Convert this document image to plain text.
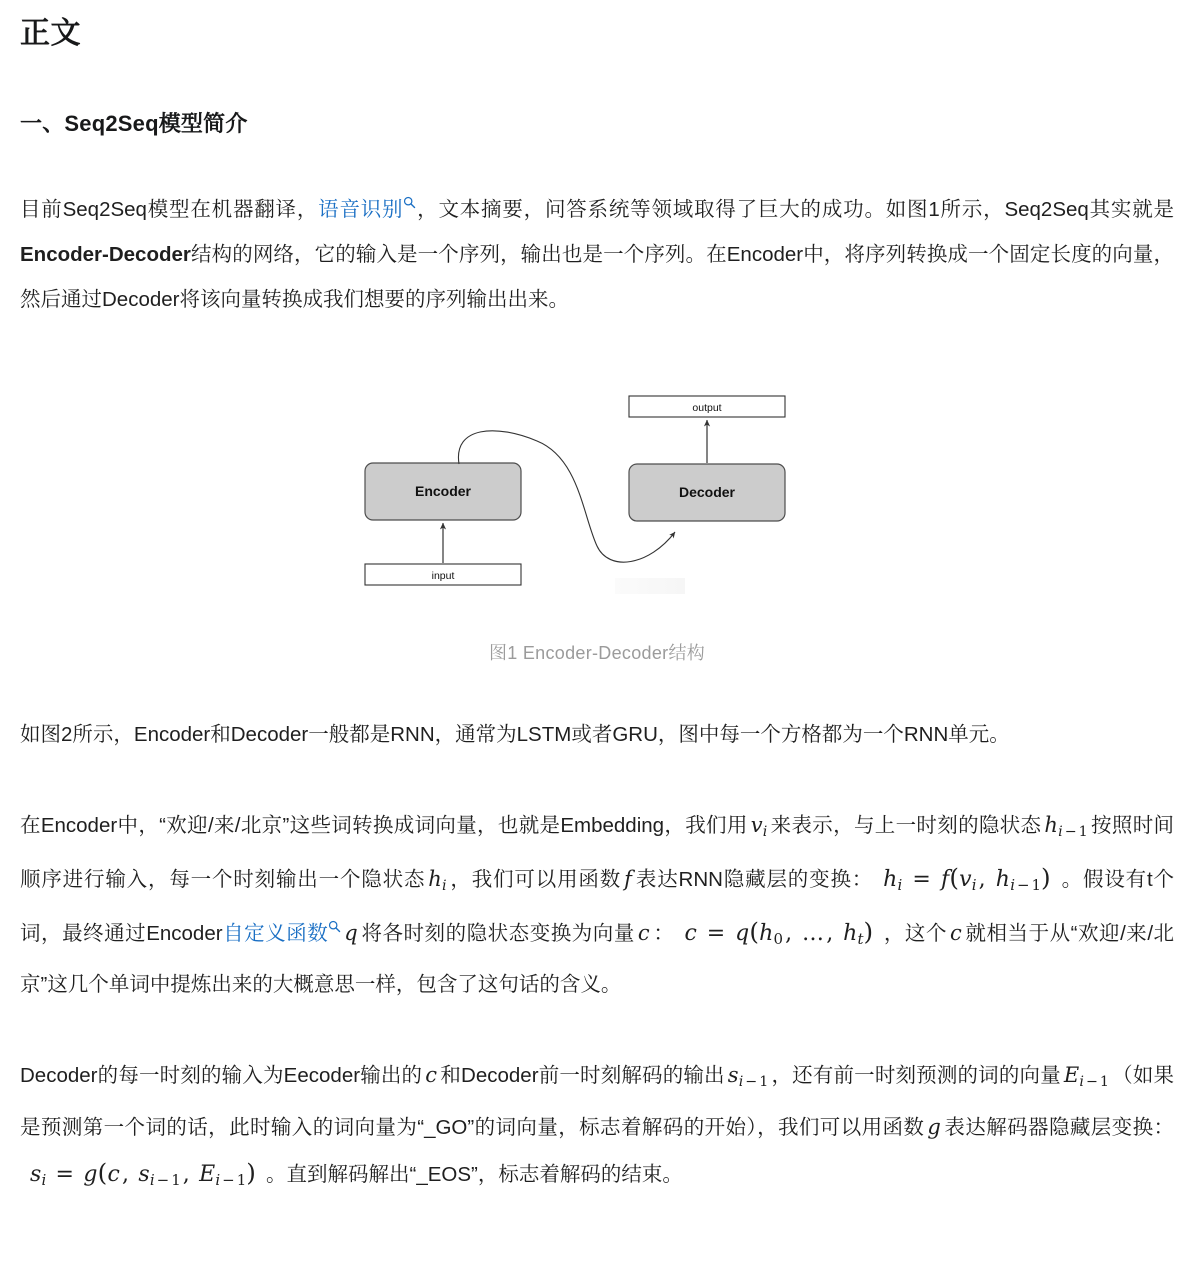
正文
一、Seq2Seq模型简介

目前Seq2Seq模型在机器翻译，语音识别 ，文本摘要，问答系统等领域取得了巨大的成功。如图1所示，Seq2Seq其实就是Encoder-Decoder结构的网络，它的输入是一个序列，输出也是一个序列。在Encoder中，将序列转换成一个固定长度的向量，然后通过Decoder将该向量转换成我们想要的序列输出出来。

input
Encoder	Decoder
output
图1 Encoder-Decoder结构

如图2所示，Encoder和Decoder一般都是RNN，通常为LSTM或者GRU，图中每一个方格都为一个RNN单元。

在Encoder中，“欢迎/来/北京”这些词转换成词向量，也就是Embedding，我们用 $v_i$ 来表示，与上一时刻的隐状态 $h_{i - 1}$ 按照时间顺序进行输入，每一个时刻输出一个隐状态 $h_i$ ，我们可以用函数 f 表达RNN隐藏层的变换： $h_i = f(v_i$, $h_{i - 1}$) 。假设有t个词，最终通过Encoder自定义函数 q 将各时刻的隐状态变换为向量 c ： $c = q(h_0$, …, $h_t$) ，这个 c 就相当于从“欢迎/来/北京”这几个单词中提炼出来的大概意思一样，包含了这句话的含义。

Decoder的每一时刻的输入为Eecoder输出的 c 和Decoder前一时刻解码的输出 $s_{i - 1}$ ，还有前一时刻预测的词的向量 $E_{i - 1}$ （如果是预测第一个词的话，此时输入的词向量为“_GO”的词向量，标志着解码的开始），我们可以用函数 g 表达解码器隐藏层变换：$s_i = g(c$, $s_{i - 1}$, $E_{i - 1}$) 。直到解码解出“_EOS”，标志着解码的结束。
